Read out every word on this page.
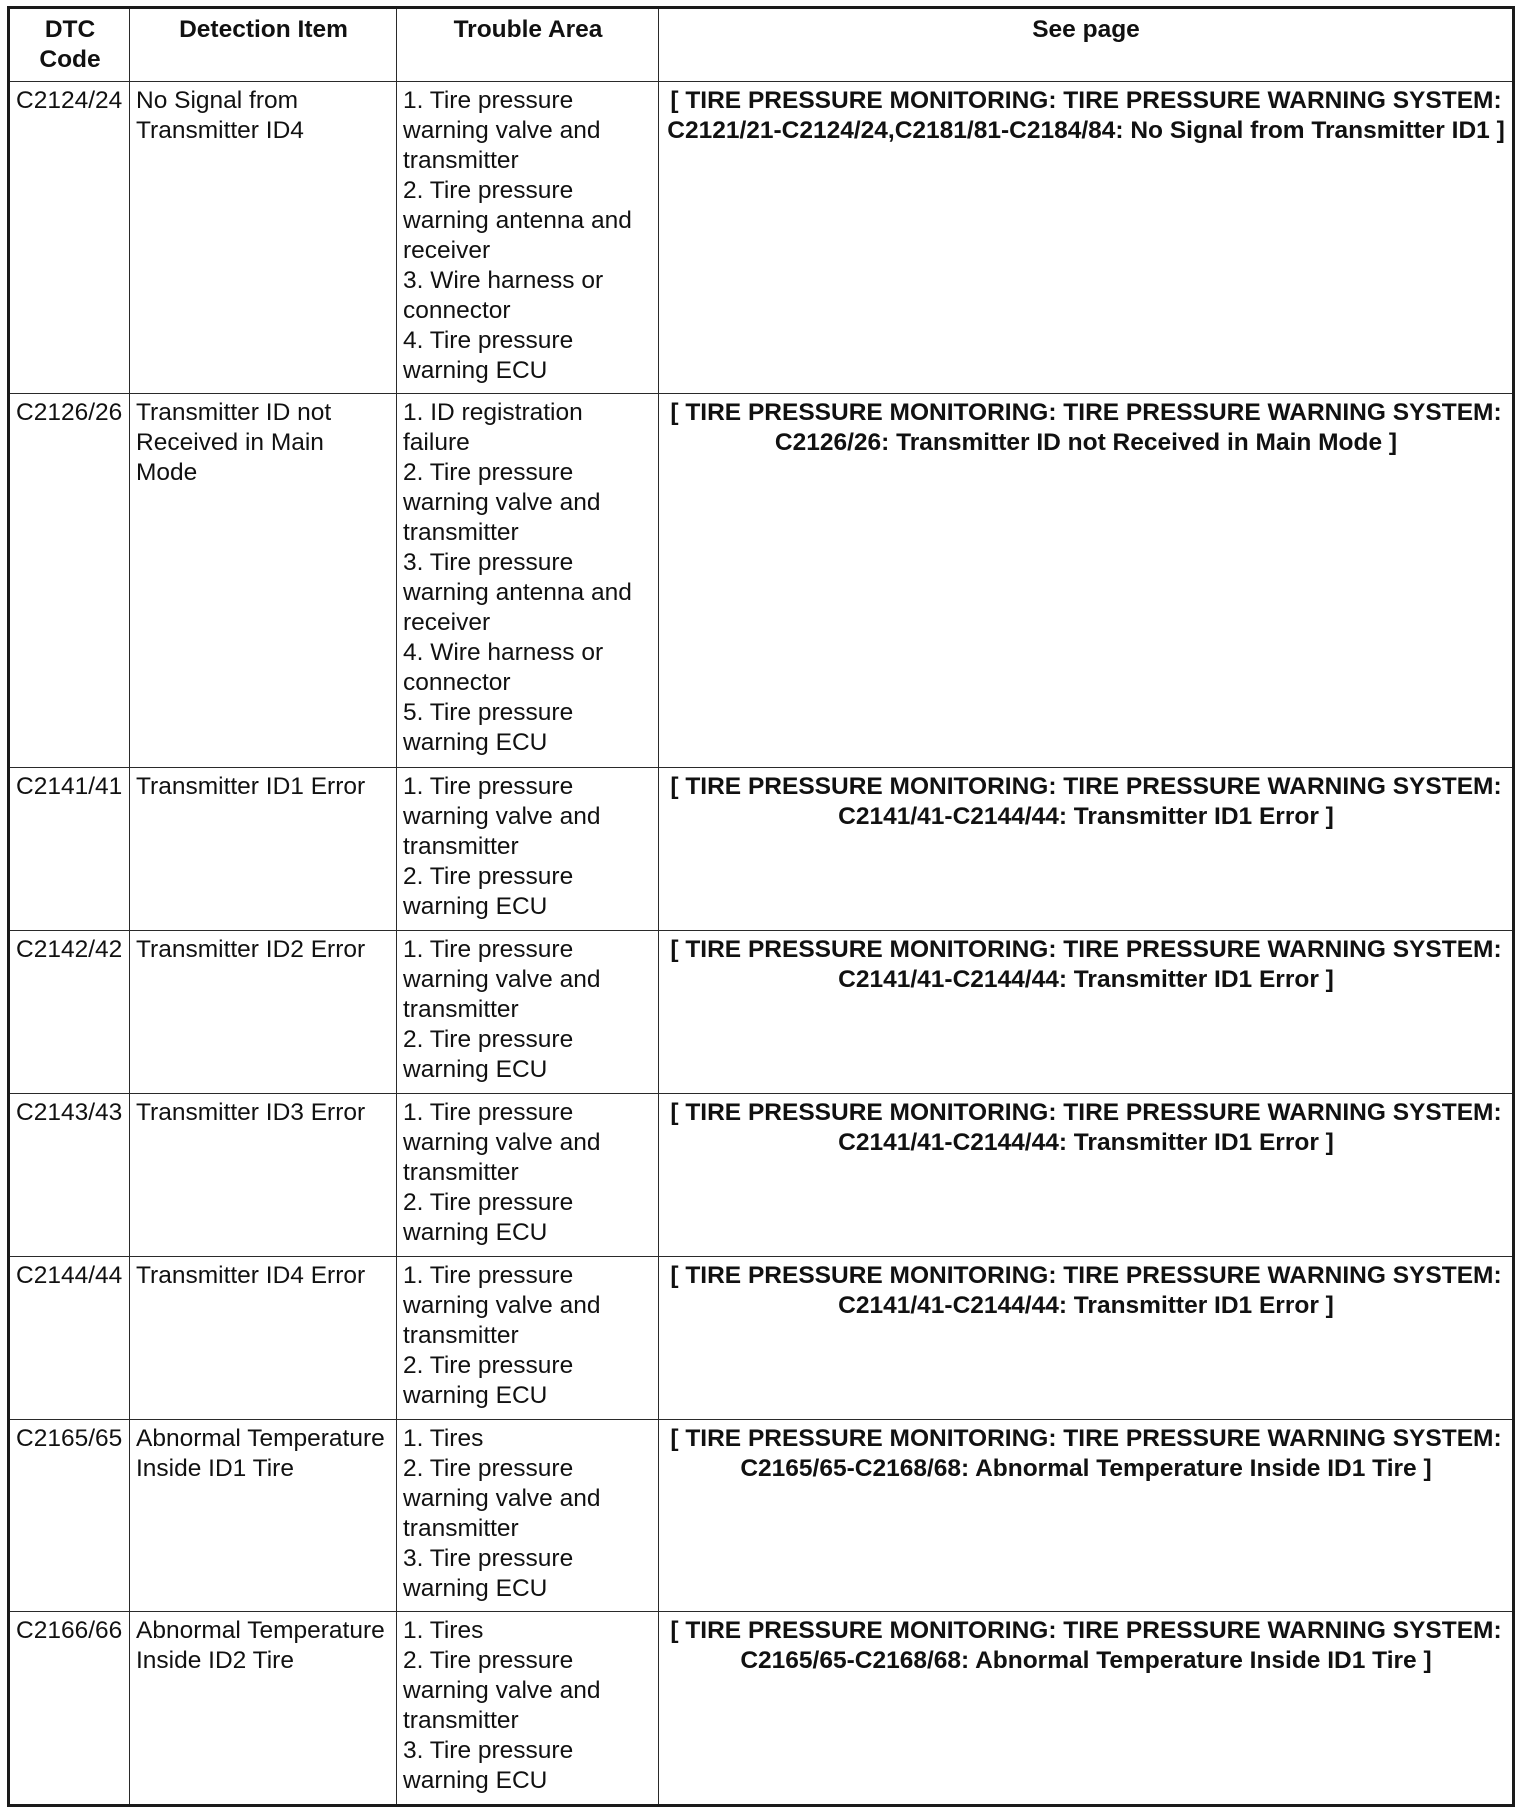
DTC
Code	Detection Item	Trouble Area	See page
C2124/24	No Signal from Transmitter ID4	1. Tire pressure warning valve and transmitter
2. Tire pressure warning antenna and receiver
3. Wire harness or connector
4. Tire pressure warning ECU	[ TIRE PRESSURE MONITORING: TIRE PRESSURE WARNING SYSTEM: C2121/21-C2124/24,C2181/81-C2184/84: No Signal from Transmitter ID1 ]
C2126/26	Transmitter ID not Received in Main Mode	1. ID registration failure
2. Tire pressure warning valve and transmitter
3. Tire pressure warning antenna and receiver
4. Wire harness or connector
5. Tire pressure warning ECU	[ TIRE PRESSURE MONITORING: TIRE PRESSURE WARNING SYSTEM: C2126/26: Transmitter ID not Received in Main Mode ]
C2141/41	Transmitter ID1 Error	1. Tire pressure warning valve and transmitter
2. Tire pressure warning ECU	[ TIRE PRESSURE MONITORING: TIRE PRESSURE WARNING SYSTEM: C2141/41-C2144/44: Transmitter ID1 Error ]
C2142/42	Transmitter ID2 Error	1. Tire pressure warning valve and transmitter
2. Tire pressure warning ECU	[ TIRE PRESSURE MONITORING: TIRE PRESSURE WARNING SYSTEM: C2141/41-C2144/44: Transmitter ID1 Error ]
C2143/43	Transmitter ID3 Error	1. Tire pressure warning valve and transmitter
2. Tire pressure warning ECU	[ TIRE PRESSURE MONITORING: TIRE PRESSURE WARNING SYSTEM: C2141/41-C2144/44: Transmitter ID1 Error ]
C2144/44	Transmitter ID4 Error	1. Tire pressure warning valve and transmitter
2. Tire pressure warning ECU	[ TIRE PRESSURE MONITORING: TIRE PRESSURE WARNING SYSTEM: C2141/41-C2144/44: Transmitter ID1 Error ]
C2165/65	Abnormal Temperature Inside ID1 Tire	1. Tires
2. Tire pressure warning valve and transmitter
3. Tire pressure warning ECU	[ TIRE PRESSURE MONITORING: TIRE PRESSURE WARNING SYSTEM: C2165/65-C2168/68: Abnormal Temperature Inside ID1 Tire ]
C2166/66	Abnormal Temperature Inside ID2 Tire	1. Tires
2. Tire pressure warning valve and transmitter
3. Tire pressure warning ECU	[ TIRE PRESSURE MONITORING: TIRE PRESSURE WARNING SYSTEM: C2165/65-C2168/68: Abnormal Temperature Inside ID1 Tire ]
